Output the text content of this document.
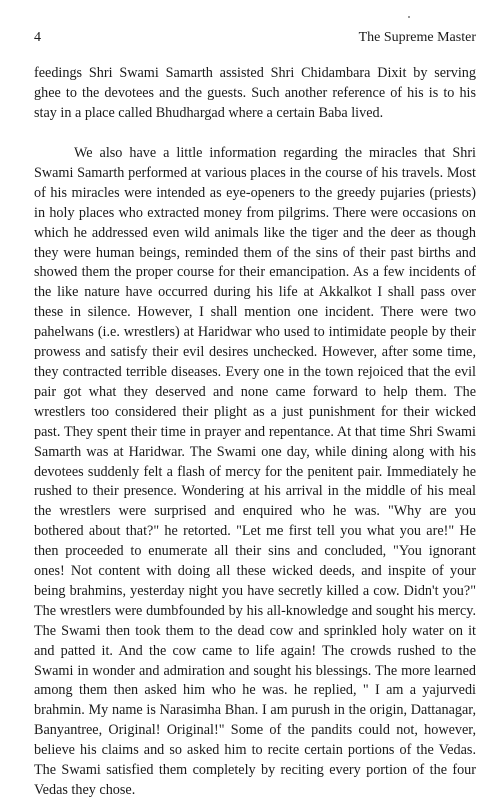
4	The Supreme Master

feedings Shri Swami Samarth assisted Shri Chidambara Dixit by serving ghee to the devotees and the guests. Such another reference of his is to his stay in a place called Bhudhargad where a certain Baba lived.

We also have a little information regarding the miracles that Shri Swami Samarth performed at various places in the course of his travels. Most of his miracles were intended as eye-openers to the greedy pujaries (priests) in holy places who extracted money from pilgrims. There were occasions on which he addressed even wild animals like the tiger and the deer as though they were human beings, reminded them of the sins of their past births and showed them the proper course for their emancipation. As a few incidents of the like nature have occurred during his life at Akkalkot I shall pass over these in silence. However, I shall mention one incident. There were two pahelwans (i.e. wrestlers) at Haridwar who used to intimidate people by their prowess and satisfy their evil desires unchecked. However, after some time, they contracted terrible diseases. Every one in the town rejoiced that the evil pair got what they deserved and none came forward to help them. The wrestlers too considered their plight as a just punishment for their wicked past. They spent their time in prayer and repentance. At that time Shri Swami Samarth was at Haridwar. The Swami one day, while dining along with his devotees suddenly felt a flash of mercy for the penitent pair. Immediately he rushed to their presence. Wondering at his arrival in the middle of his meal the wrestlers were surprised and enquired who he was. "Why are you bothered about that?" he retorted. "Let me first tell you what you are!" He then proceeded to enumerate all their sins and concluded, "You ignorant ones! Not content with doing all these wicked deeds, and inspite of your being brahmins, yesterday night you have secretly killed a cow. Didn't you?" The wrestlers were dumbfounded by his all-knowledge and sought his mercy. The Swami then took them to the dead cow and sprinkled holy water on it and patted it. And the cow came to life again! The crowds rushed to the Swami in wonder and admiration and sought his blessings. The more learned among them then asked him who he was. he replied, " I am a yajurvedi brahmin. My name is Narasimha Bhan. I am purush in the origin, Dattanagar, Banyantree, Original! Original!" Some of the pandits could not, however, believe his claims and so asked him to recite certain portions of the Vedas. The Swami satisfied them completely by reciting every portion of the four Vedas they chose.
